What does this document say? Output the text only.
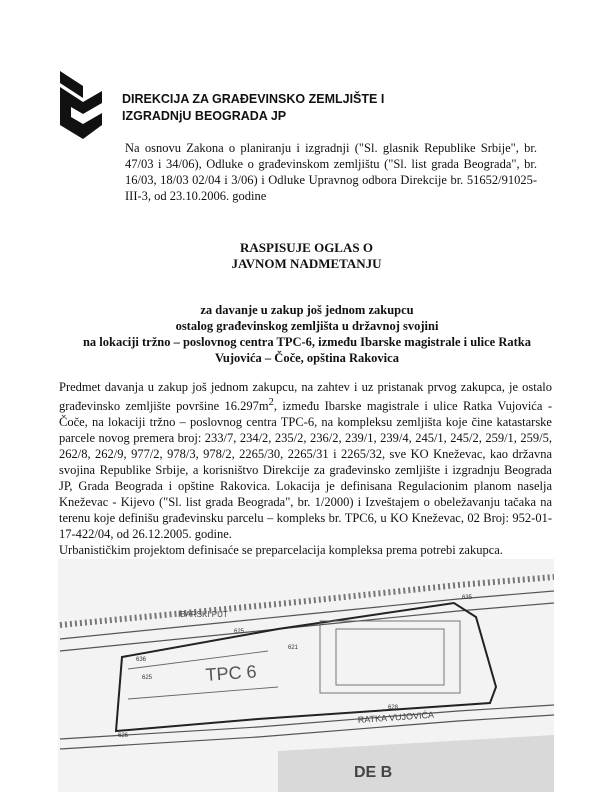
DIREKCIJA ZA GRAĐEVINSKO ZEMLJIŠTE I
IZGRADNjU BEOGRADA JP

Na osnovu Zakona o planiranju i izgradnji ("Sl. glasnik Republike Srbije", br. 47/03 i 34/06), Odluke o građevinskom zemljištu ("Sl. list grada Beograda", br. 16/03, 18/03 02/04 i 3/06) i Odluke Upravnog odbora Direkcije br. 51652/91025-III-3, od 23.10.2006. godine

RASPISUJE OGLAS O
JAVNOM NADMETANJU
za davanje u zakup još jednom zakupcu
ostalog građevinskog zemljišta u državnoj svojini
na lokaciji tržno – poslovnog centra TPC-6, između Ibarske magistrale i ulice Ratka
Vujovića – Čoče, opština Rakovica

Predmet davanja u zakup još jednom zakupcu, na zahtev i uz pristanak prvog zakupca, je ostalo građevinsko zemljište površine $16.297m^2$, između Ibarske magistrale i ulice Ratka Vujovića - Čoče, na lokaciji tržno – poslovnog centra TPC-6, na kompleksu zemljišta koje čine katastarske parcele novog premera broj: 233/7, 234/2, 235/2, 236/2, 239/1, 239/4, 245/1, 245/2, 259/1, 259/5, 262/8, 262/9, 977/2, 978/3, 978/2, 2265/30, 2265/31 i 2265/32, sve KO Kneževac, kao državna svojina Republike Srbije, a korisništvo Direkcije za građevinsko zemljište i izgradnju Beograda JP, Grada Beograda i opštine Rakovica. Lokacija je definisana Regulacionim planom naselja Kneževac - Kijevo ("Sl. list grada Beograda", br. 1/2000) i Izveštajem o obeležavanju tačaka na terenu koje definišu građevinsku parcelu – kompleks br. TPC6, u KO Kneževac, 02 Broj: 952-01-17-422/04, od 26.12.2005. godine.

Urbanističkim projektom definisaće se preparcelacija kompleksa prema potrebi zakupca.

IBARSKI PUT
TPC 6
RATKA VUJOVIĆA
DE B
625
636
625
626
621
628
635
